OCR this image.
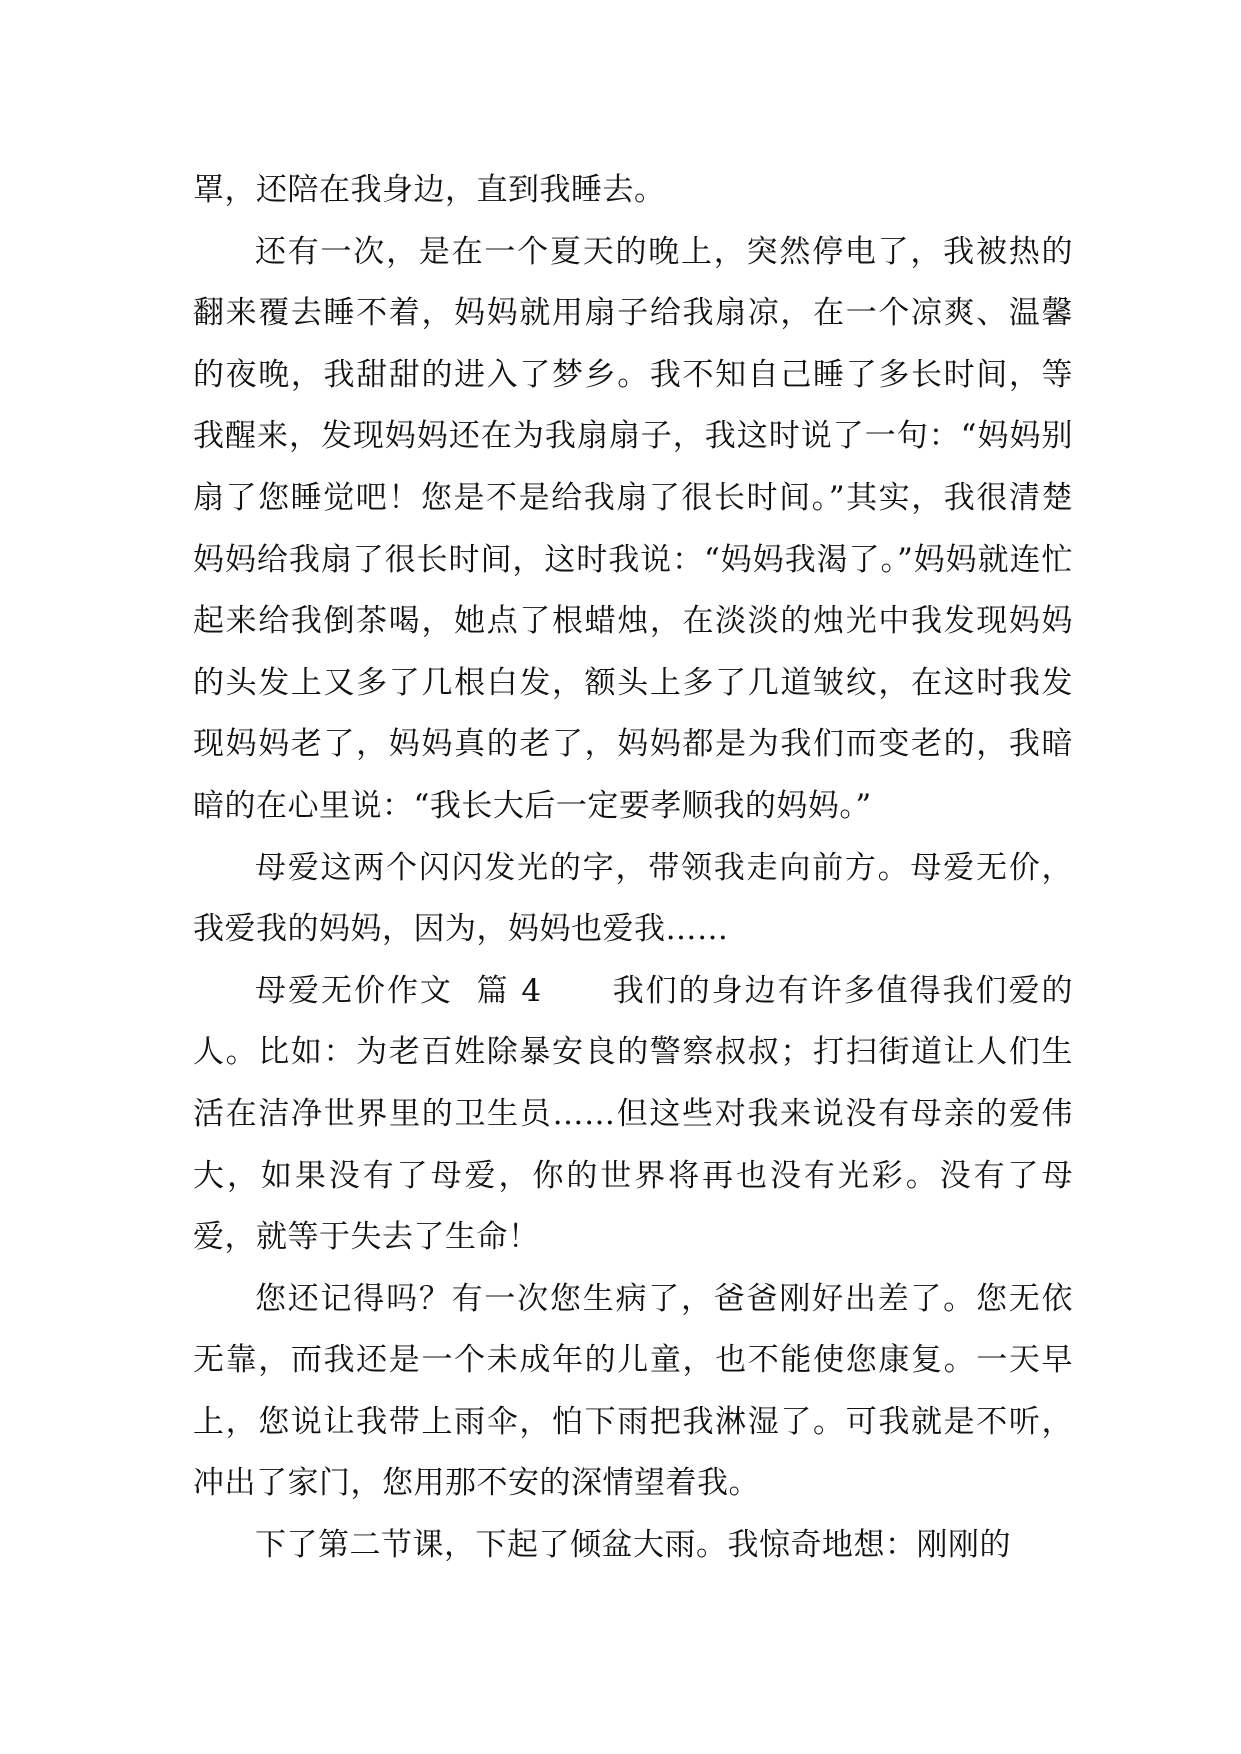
罩，还陪在我身边，直到我睡去。

还有一次，是在一个夏天的晚上，突然停电了，我被热的翻来覆去睡不着，妈妈就用扇子给我扇凉，在一个凉爽、温馨的夜晚，我甜甜的进入了梦乡。我不知自己睡了多长时间，等我醒来，发现妈妈还在为我扇扇子，我这时说了一句：“妈妈别扇了您睡觉吧！您是不是给我扇了很长时间。”其实，我很清楚妈妈给我扇了很长时间，这时我说：“妈妈我渴了。”妈妈就连忙起来给我倒茶喝，她点了根蜡烛，在淡淡的烛光中我发现妈妈的头发上又多了几根白发，额头上多了几道皱纹，在这时我发现妈妈老了，妈妈真的老了，妈妈都是为我们而变老的，我暗暗的在心里说：“我长大后一定要孝顺我的妈妈。”

母爱这两个闪闪发光的字，带领我走向前方。母爱无价，我爱我的妈妈，因为，妈妈也爱我……

母爱无价作文  篇 4 我们的身边有许多值得我们爱的人。比如：为老百姓除暴安良的警察叔叔；打扫街道让人们生活在洁净世界里的卫生员……但这些对我来说没有母亲的爱伟大，如果没有了母爱，你的世界将再也没有光彩。没有了母爱，就等于失去了生命！

您还记得吗？有一次您生病了，爸爸刚好出差了。您无依无靠，而我还是一个未成年的儿童，也不能使您康复。一天早上，您说让我带上雨伞，怕下雨把我淋湿了。可我就是不听，冲出了家门，您用那不安的深情望着我。

下了第二节课，下起了倾盆大雨。我惊奇地想：刚刚的
